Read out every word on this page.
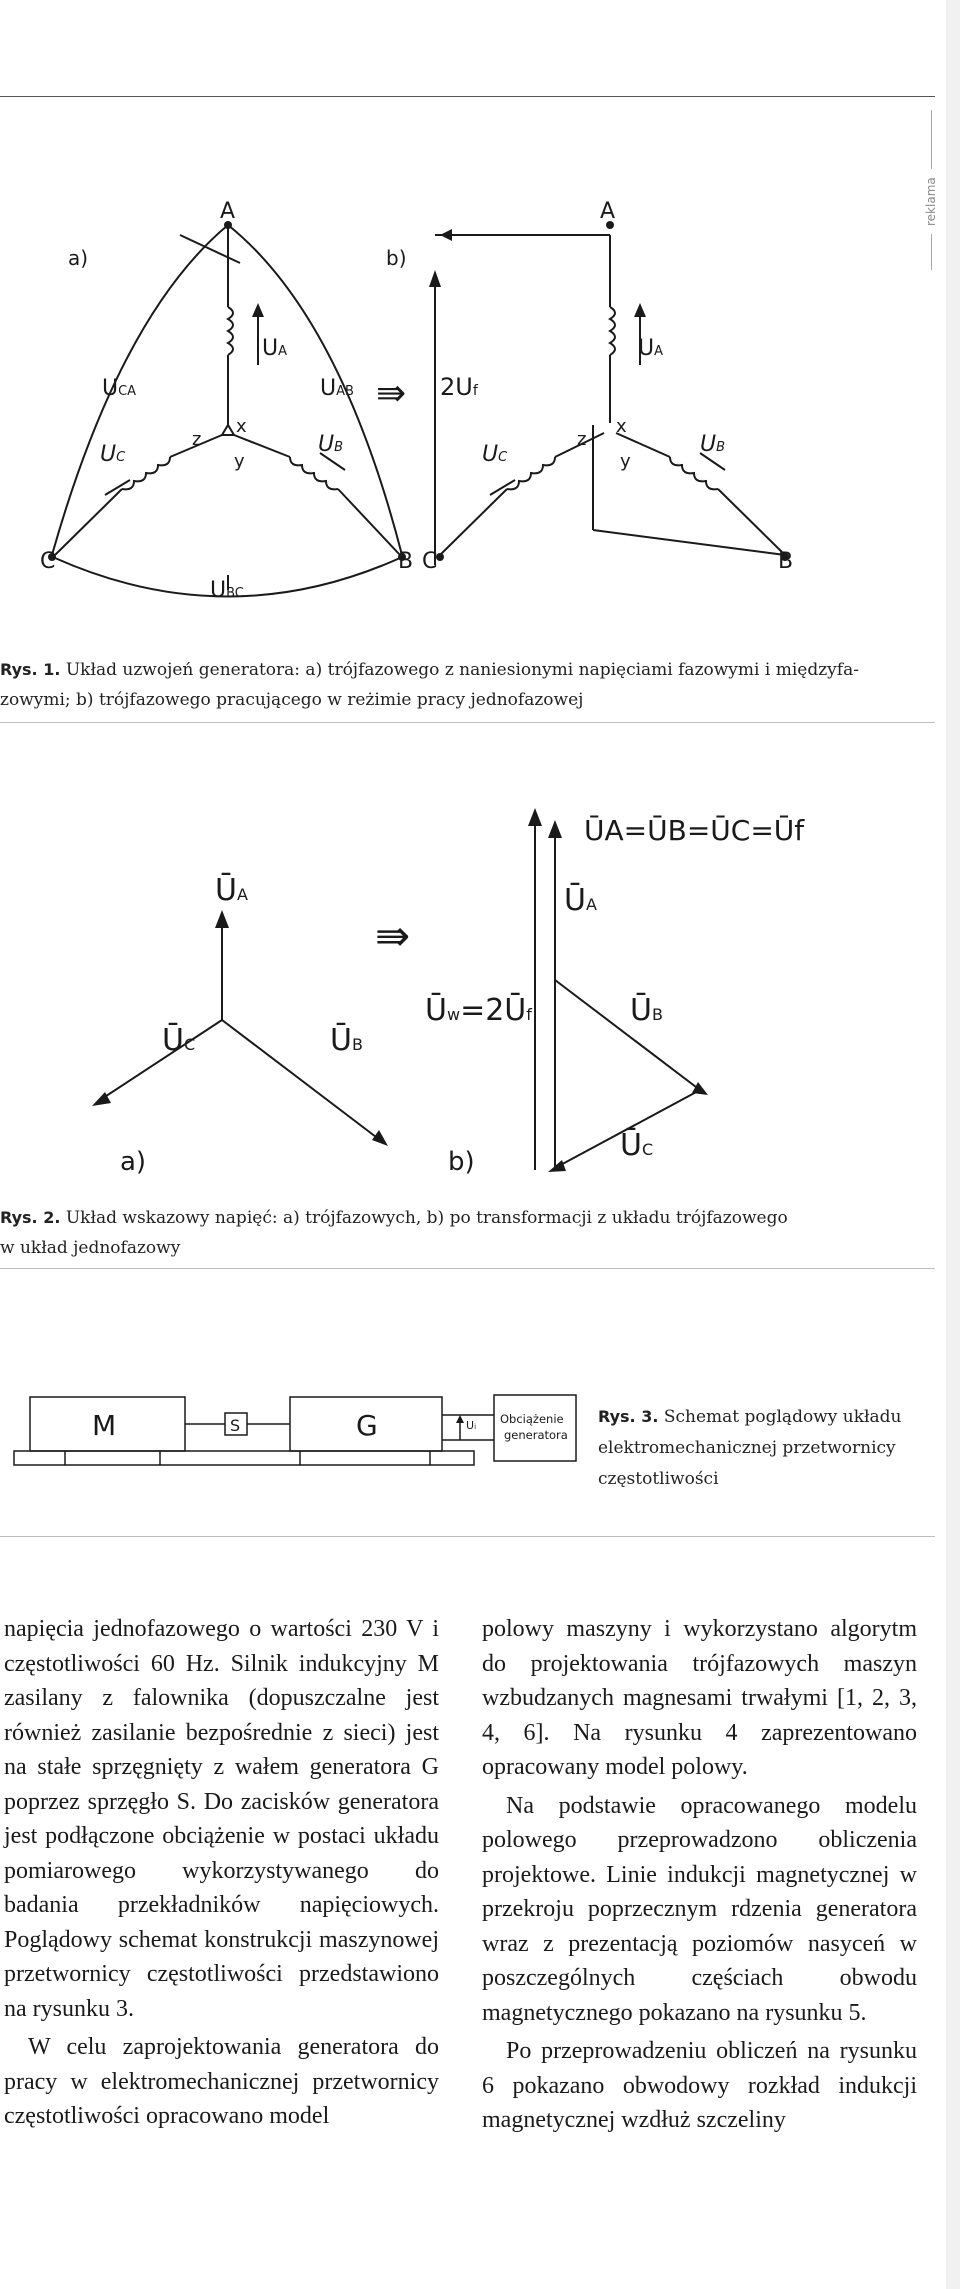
reklama
a)	b)
A	A
C	B C	B
x
z
y
x
z
y
UA	UA
UCA	UAB
UBC
UC
UB	UC
UB
2Uf
⇛
Rys. 1. Układ uzwojeń generatora: a) trójfazowego z naniesionymi napięciami fazowymi i międzyfa-
zowymi; b) trójfazowego pracującego w reżimie pracy jednofazowej
ŪA
ŪC	ŪB
⇛
Ūw=2Ūf
ŪA=ŪB=ŪC=Ūf
ŪA
ŪB
ŪC
a)	b)
Rys. 2. Układ wskazowy napięć: a) trójfazowych, b) po transformacji z układu trójfazowego
w układ jednofazowy
M	S	G	Ui
Obciążenie
generatora
Rys. 3. Schemat poglądowy układu elektromechanicznej przetwornicy częstotliwości

napięcia jednofazowego o wartości 230 V i częstotliwości 60 Hz. Silnik indukcyjny M zasilany z falownika (dopuszczalne jest również zasilanie bezpośrednie z sieci) jest na stałe sprzęgnięty z wałem generatora G poprzez sprzęgło S. Do zacisków generatora jest podłączone obciążenie w postaci układu pomiarowego wykorzystywanego do badania przekładników napięciowych. Poglądowy schemat konstrukcji maszynowej przetwornicy częstotliwości przedstawiono na rysunku 3.

W celu zaprojektowania generatora do pracy w elektromechanicznej przetwornicy częstotliwości opracowano model

polowy maszyny i wykorzystano algorytm do projektowania trójfazowych maszyn wzbudzanych magnesami trwałymi [1, 2, 3, 4, 6]. Na rysunku 4 zaprezentowano opracowany model polowy.

Na podstawie opracowanego modelu polowego przeprowadzono obliczenia projektowe. Linie indukcji magnetycznej w przekroju poprzecznym rdzenia generatora wraz z prezentacją poziomów nasyceń w poszczególnych częściach obwodu magnetycznego pokazano na rysunku 5.

Po przeprowadzeniu obliczeń na rysunku 6 pokazano obwodowy rozkład indukcji magnetycznej wzdłuż szczeliny
